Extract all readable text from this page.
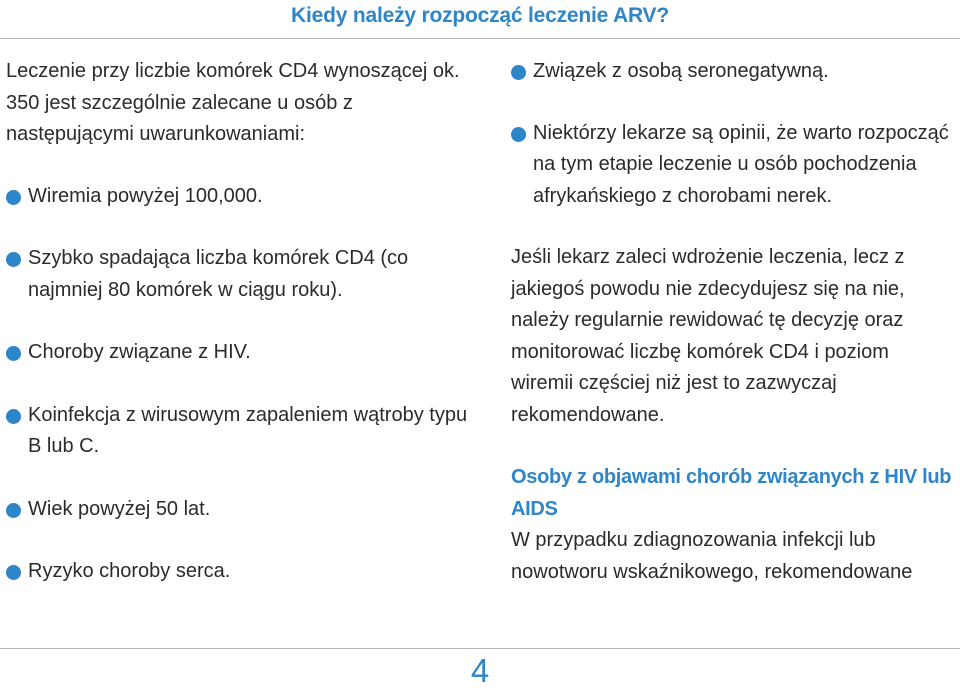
Kiedy należy rozpocząć leczenie ARV?

Leczenie przy liczbie komórek CD4 wynoszącej ok. 350 jest szczególnie zalecane u osób z następującymi uwarunkowaniami:

Wiremia powyżej 100,000.
Szybko spadająca liczba komórek CD4 (co najmniej 80 komórek w ciągu roku).
Choroby związane z HIV.
Koinfekcja z wirusowym zapaleniem wątroby typu B lub C.
Wiek powyżej 50 lat.
Ryzyko choroby serca.
Związek z osobą seronegatywną.
Niektórzy lekarze są opinii, że warto rozpocząć na tym etapie leczenie u osób pochodzenia afrykańskiego z chorobami nerek.

Jeśli lekarz zaleci wdrożenie leczenia, lecz z jakiegoś powodu nie zdecydujesz się na nie, należy regularnie rewidować tę decyzję oraz monitorować liczbę komórek CD4 i poziom wiremii częściej niż jest to zazwyczaj rekomendowane.

Osoby z objawami chorób związanych z HIV lub AIDS

W przypadku zdiagnozowania infekcji lub nowotworu wskaźnikowego, rekomendowane

4
